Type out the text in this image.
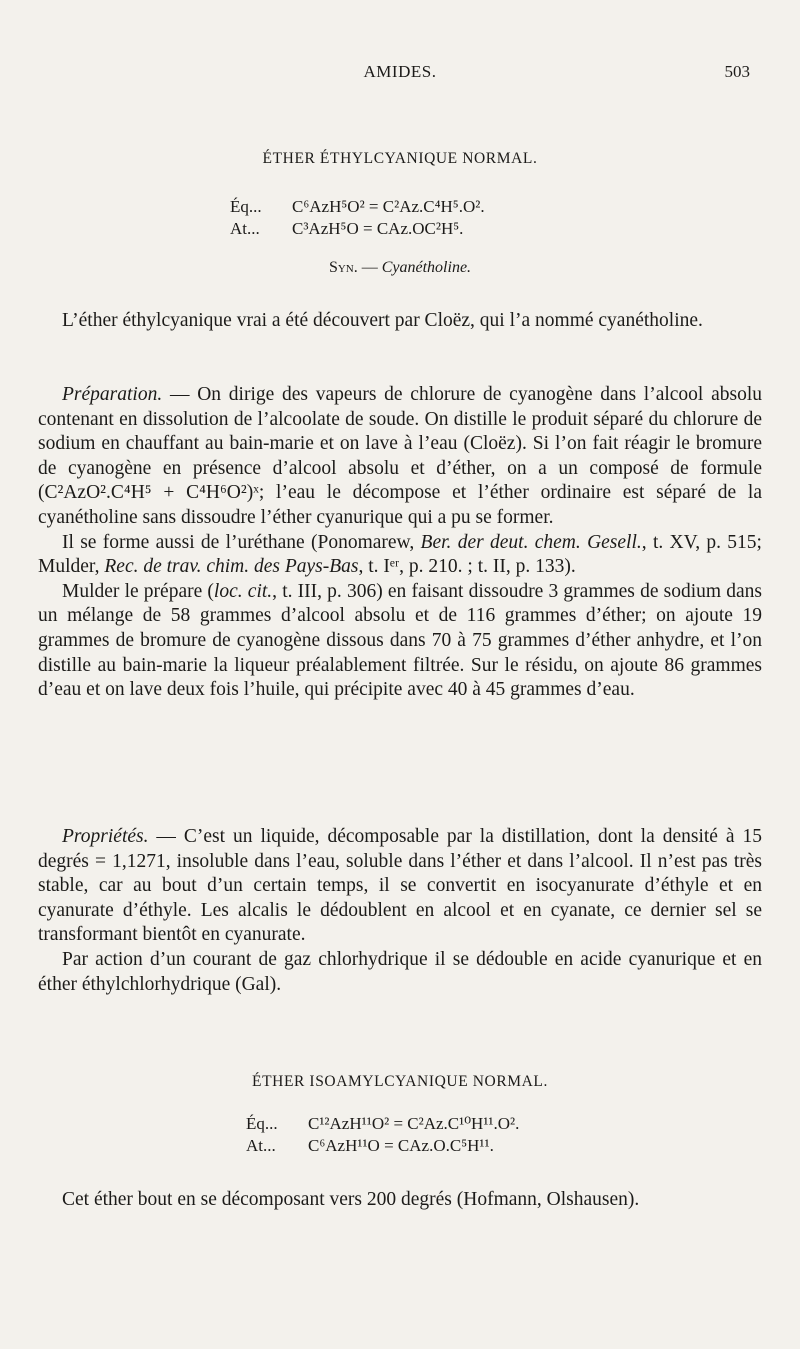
AMIDES.	503
ÉTHER ÉTHYLCYANIQUE NORMAL.
Éq... C⁶AzH⁵O² = C²Az.C⁴H⁵.O².
At... C³AzH⁵O = CAz.OC²H⁵.
Syn. — Cyanétholine.

L’éther éthylcyanique vrai a été découvert par Cloëz, qui l’a nommé cyanétholine.

Préparation. — On dirige des vapeurs de chlorure de cyanogène dans l’alcool absolu contenant en dissolution de l’alcoolate de soude. On distille le produit séparé du chlorure de sodium en chauffant au bain-marie et on lave à l’eau (Cloëz). Si l’on fait réagir le bromure de cyanogène en présence d’alcool absolu et d’éther, on a un composé de formule (C²AzO².C⁴H⁵ + C⁴H⁶O²)ˣ; l’eau le décompose et l’éther ordinaire est séparé de la cyanétholine sans dissoudre l’éther cyanurique qui a pu se former.

Il se forme aussi de l’uréthane (Ponomarew, Ber. der deut. chem. Gesell., t. XV, p. 515; Mulder, Rec. de trav. chim. des Pays-Bas, t. Iᵉʳ, p. 210. ; t. II, p. 133).

Mulder le prépare (loc. cit., t. III, p. 306) en faisant dissoudre 3 grammes de sodium dans un mélange de 58 grammes d’alcool absolu et de 116 grammes d’éther; on ajoute 19 grammes de bromure de cyanogène dissous dans 70 à 75 grammes d’éther anhydre, et l’on distille au bain-marie la liqueur préalablement filtrée. Sur le résidu, on ajoute 86 grammes d’eau et on lave deux fois l’huile, qui précipite avec 40 à 45 grammes d’eau.

Propriétés. — C’est un liquide, décomposable par la distillation, dont la densité à 15 degrés = 1,1271, insoluble dans l’eau, soluble dans l’éther et dans l’alcool. Il n’est pas très stable, car au bout d’un certain temps, il se convertit en isocyanurate d’éthyle et en cyanurate d’éthyle. Les alcalis le dédoublent en alcool et en cyanate, ce dernier sel se transformant bientôt en cyanurate.

Par action d’un courant de gaz chlorhydrique il se dédouble en acide cyanurique et en éther éthylchlorhydrique (Gal).

ÉTHER ISOAMYLCYANIQUE NORMAL.
Éq... C¹²AzH¹¹O² = C²Az.C¹⁰H¹¹.O².
At... C⁶AzH¹¹O = CAz.O.C⁵H¹¹.

Cet éther bout en se décomposant vers 200 degrés (Hofmann, Olshausen).
